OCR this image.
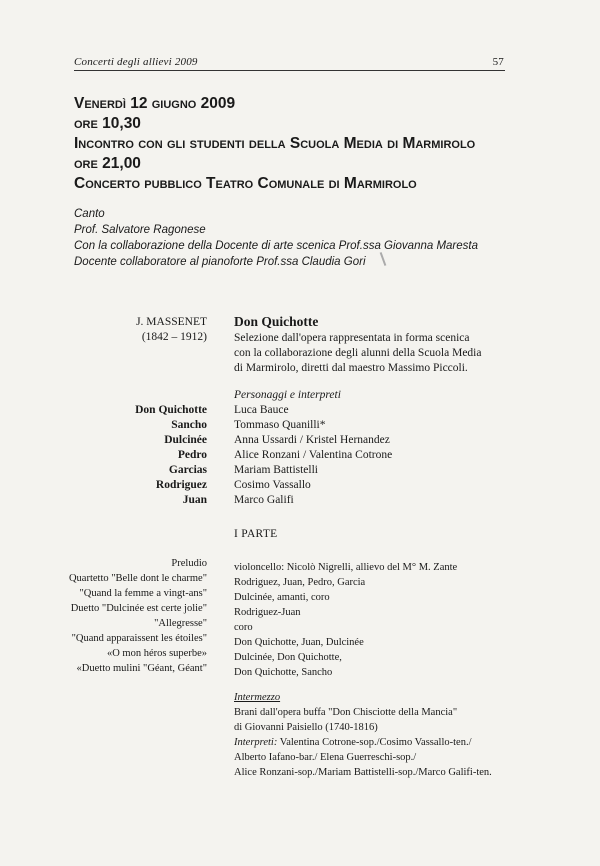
Concerti degli allievi 2009	57
Venerdì 12 giugno 2009
ore 10,30
Incontro con gli studenti della Scuola Media di Marmirolo
ore 21,00
Concerto pubblico Teatro Comunale di Marmirolo
Canto
Prof. Salvatore Ragonese
Con la collaborazione della Docente di arte scenica Prof.ssa Giovanna Maresta
Docente collaboratore al pianoforte Prof.ssa Claudia Gori
J. MASSENET
(1842 – 1912)
Don Quichotte
Selezione dall'opera rappresentata in forma scenica
con la collaborazione degli alunni della Scuola Media
di Marmirolo, diretti dal maestro Massimo Piccoli.
Don Quichotte
Sancho
Dulcinée
Pedro
Garcias
Rodriguez
Juan
Personaggi e interpreti
Luca Bauce
Tommaso Quanilli*
Anna Ussardi / Kristel Hernandez
Alice Ronzani / Valentina Cotrone
Mariam Battistelli
Cosimo Vassallo
Marco Galifi
I PARTE
Preludio
Quartetto "Belle dont le charme"
"Quand la femme a vingt-ans"
Duetto "Dulcinée est certe jolie"
"Allegresse"
"Quand apparaissent les étoiles"
«O mon héros superbe»
«Duetto mulini "Géant, Géant"
violoncello: Nicolò Nigrelli, allievo del M° M. Zante
Rodriguez, Juan, Pedro, Garcia
Dulcinée, amanti, coro
Rodriguez-Juan
coro
Don Quichotte, Juan, Dulcinée
Dulcinée, Don Quichotte,
Don Quichotte, Sancho
Intermezzo
Brani dall'opera buffa "Don Chisciotte della Mancia"
di Giovanni Paisiello (1740-1816)
Interpreti: Valentina Cotrone-sop./Cosimo Vassallo-ten./
Alberto Iafano-bar./ Elena Guerreschi-sop./
Alice Ronzani-sop./Mariam Battistelli-sop./Marco Galifi-ten.
